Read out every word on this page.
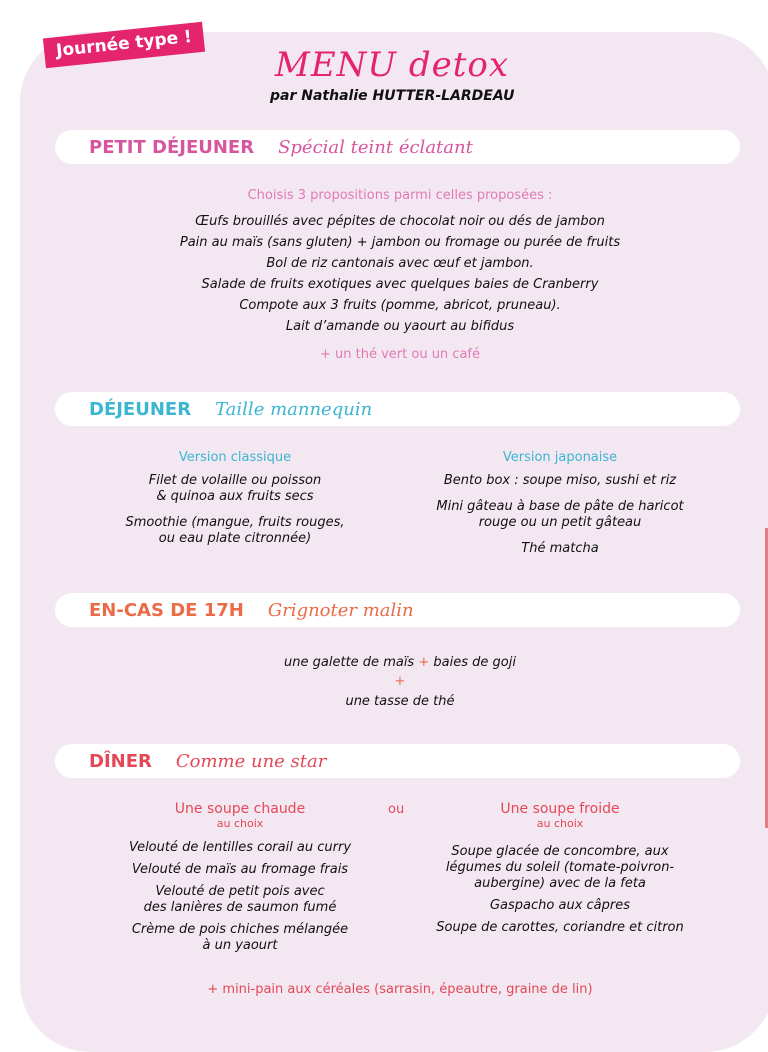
Journée type !
MENU detox
par Nathalie HUTTER-LARDEAU
PETIT DÉJEUNER Spécial teint éclatant
Choisis 3 propositions parmi celles proposées :
Œufs brouillés avec pépites de chocolat noir ou dés de jambon
Pain au maïs (sans gluten) + jambon ou fromage ou purée de fruits
Bol de riz cantonais avec œuf et jambon.
Salade de fruits exotiques avec quelques baies de Cranberry
Compote aux 3 fruits (pomme, abricot, pruneau).
Lait d’amande ou yaourt au bifidus
+ un thé vert ou un café
DÉJEUNER Taille mannequin
Version classique
Filet de volaille ou poisson
& quinoa aux fruits secs
Smoothie (mangue, fruits rouges,
ou eau plate citronnée)
Version japonaise
Bento box : soupe miso, sushi et riz
Mini gâteau à base de pâte de haricot
rouge ou un petit gâteau
Thé matcha
EN-CAS DE 17H Grignoter malin
une galette de maïs + baies de goji
+
une tasse de thé
DÎNER Comme une star
ou
Une soupe chaude
au choix
Velouté de lentilles corail au curry
Velouté de maïs au fromage frais
Velouté de petit pois avec
des lanières de saumon fumé
Crème de pois chiches mélangée
à un yaourt
Une soupe froide
au choix
Soupe glacée de concombre, aux
légumes du soleil (tomate-poivron-
aubergine) avec de la feta
Gaspacho aux câpres
Soupe de carottes, coriandre et citron
+ mini-pain aux céréales (sarrasin, épeautre, graine de lin)
